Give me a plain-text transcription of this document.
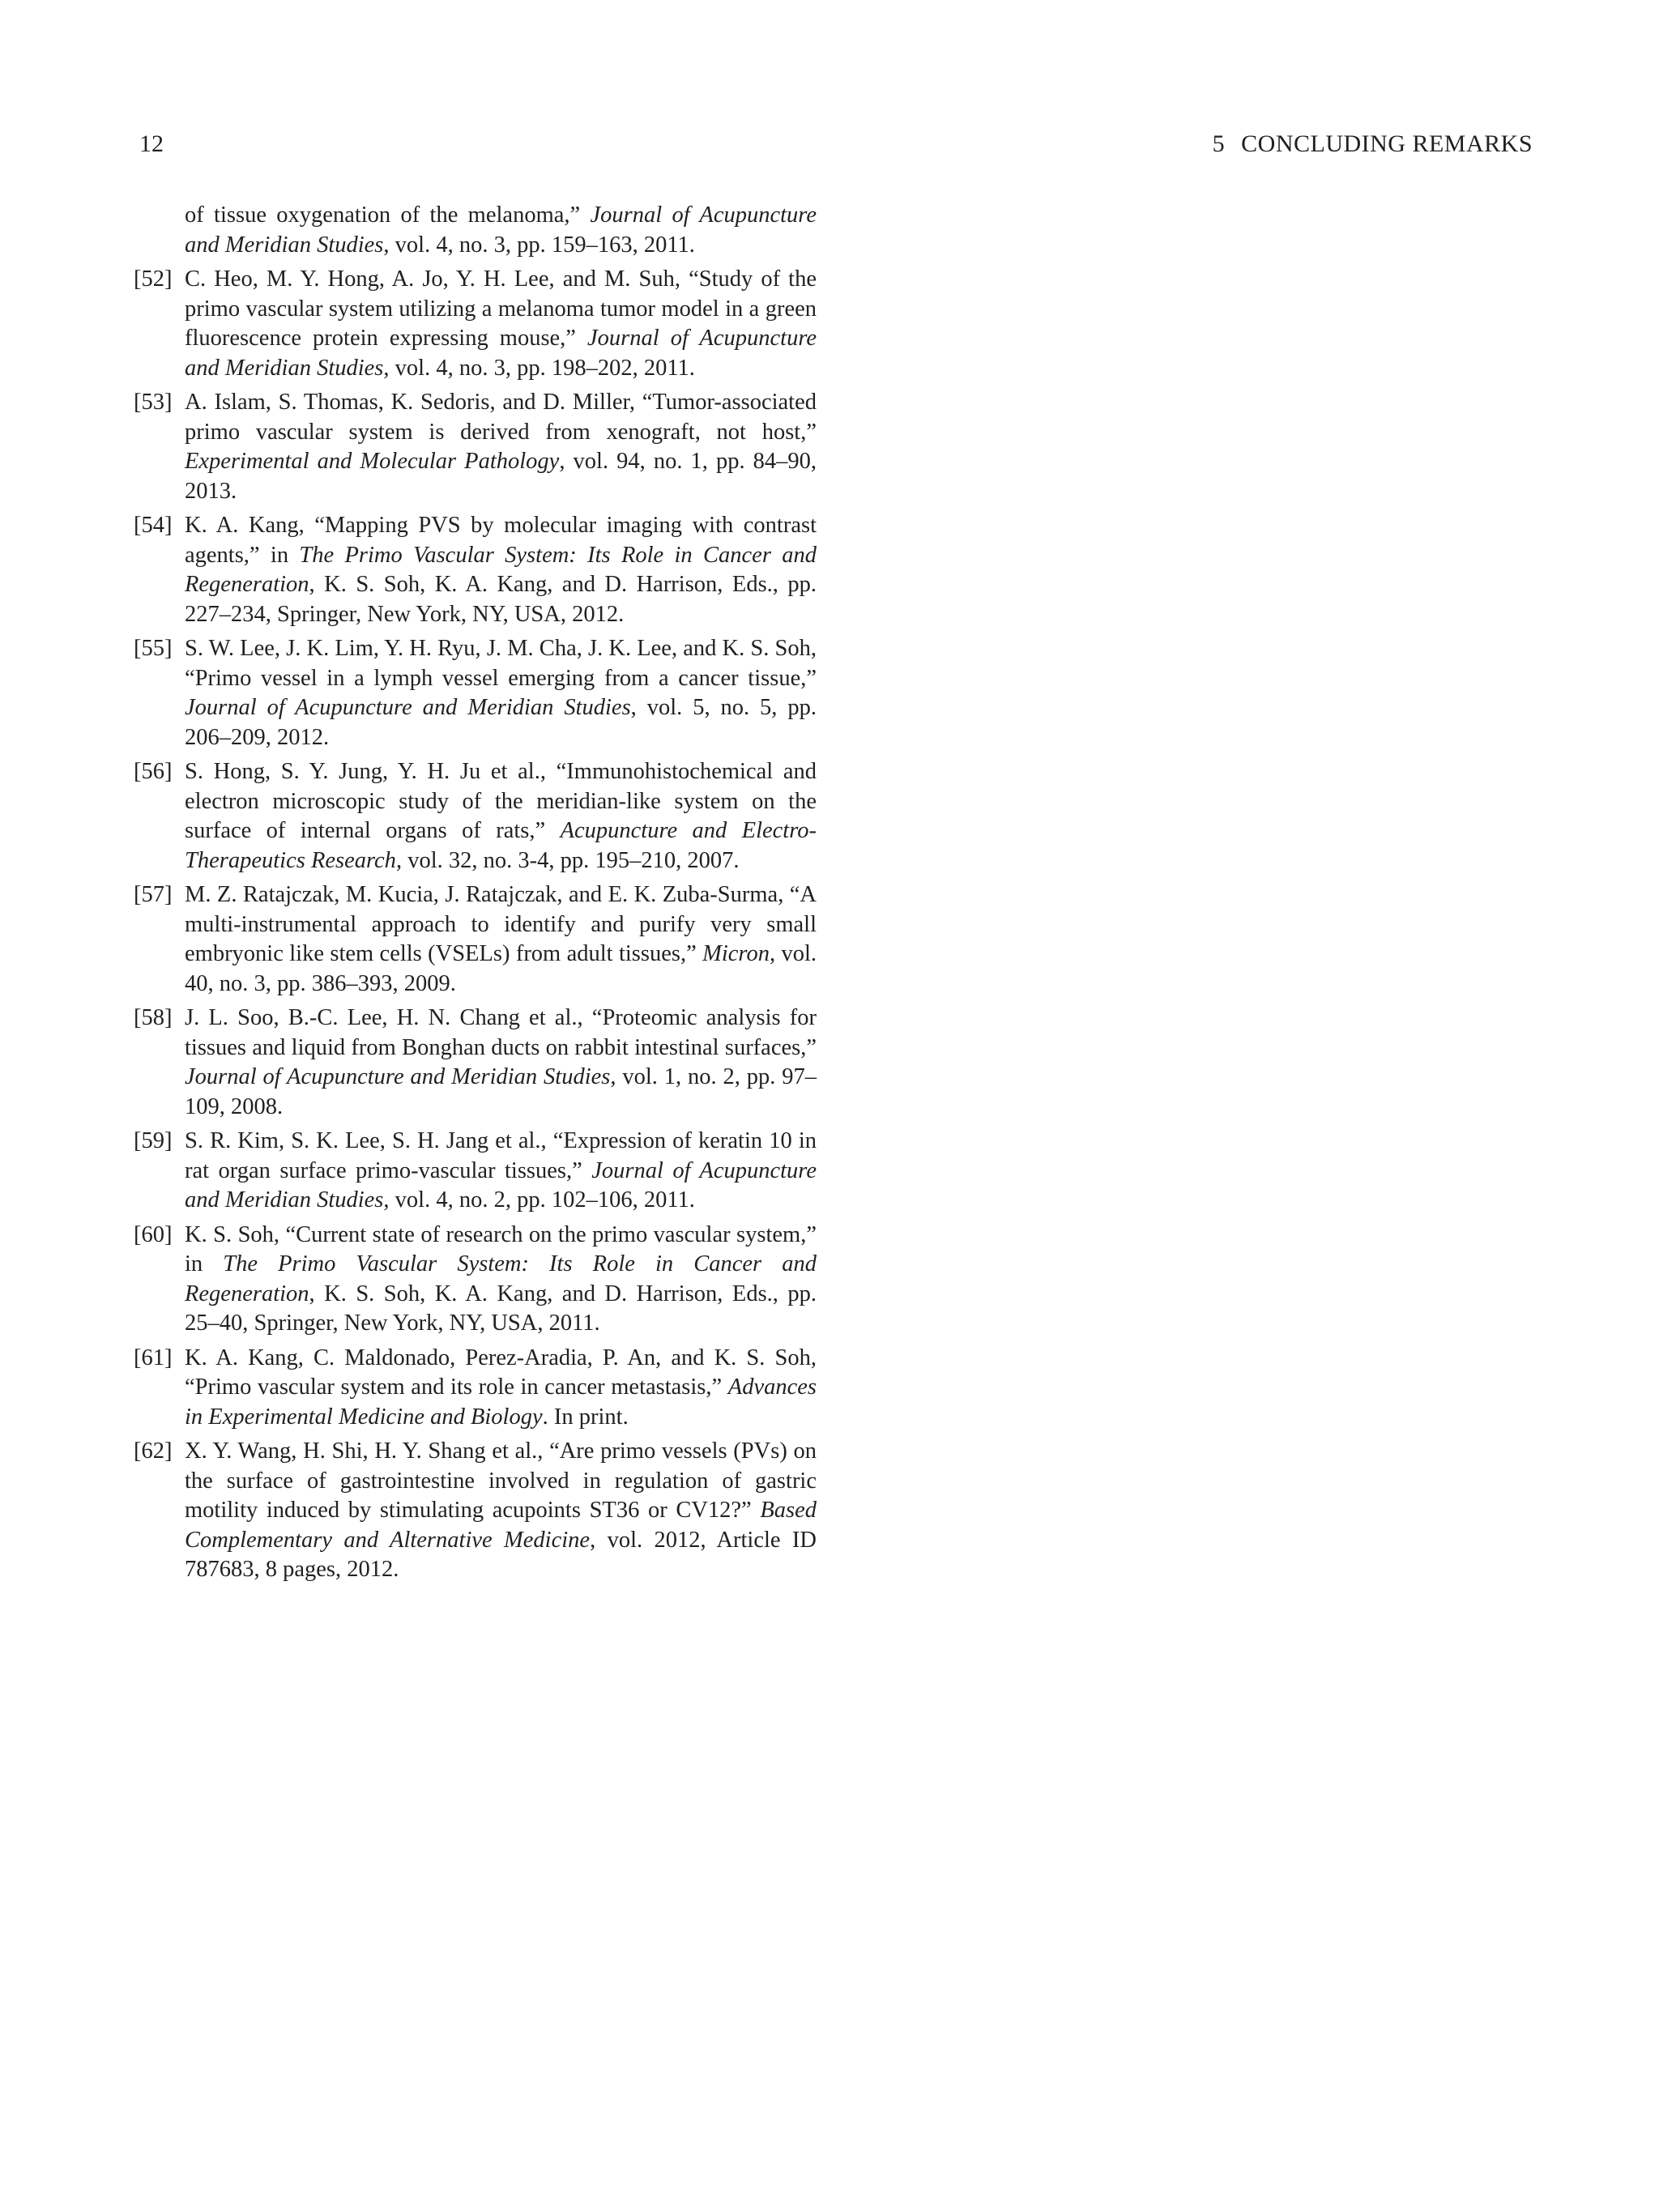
12	5 CONCLUDING REMARKS
of tissue oxygenation of the melanoma,” Journal of Acupuncture and Meridian Studies, vol. 4, no. 3, pp. 159–163, 2011.
[52] C. Heo, M. Y. Hong, A. Jo, Y. H. Lee, and M. Suh, “Study of the primo vascular system utilizing a melanoma tumor model in a green fluorescence protein expressing mouse,” Journal of Acupuncture and Meridian Studies, vol. 4, no. 3, pp. 198–202, 2011.
[53] A. Islam, S. Thomas, K. Sedoris, and D. Miller, “Tumor-associated primo vascular system is derived from xenograft, not host,” Experimental and Molecular Pathology, vol. 94, no. 1, pp. 84–90, 2013.
[54] K. A. Kang, “Mapping PVS by molecular imaging with contrast agents,” in The Primo Vascular System: Its Role in Cancer and Regeneration, K. S. Soh, K. A. Kang, and D. Harrison, Eds., pp. 227–234, Springer, New York, NY, USA, 2012.
[55] S. W. Lee, J. K. Lim, Y. H. Ryu, J. M. Cha, J. K. Lee, and K. S. Soh, “Primo vessel in a lymph vessel emerging from a cancer tissue,” Journal of Acupuncture and Meridian Studies, vol. 5, no. 5, pp. 206–209, 2012.
[56] S. Hong, S. Y. Jung, Y. H. Ju et al., “Immunohistochemical and electron microscopic study of the meridian-like system on the surface of internal organs of rats,” Acupuncture and Electro-Therapeutics Research, vol. 32, no. 3-4, pp. 195–210, 2007.
[57] M. Z. Ratajczak, M. Kucia, J. Ratajczak, and E. K. Zuba-Surma, “A multi-instrumental approach to identify and purify very small embryonic like stem cells (VSELs) from adult tissues,” Micron, vol. 40, no. 3, pp. 386–393, 2009.
[58] J. L. Soo, B.-C. Lee, H. N. Chang et al., “Proteomic analysis for tissues and liquid from Bonghan ducts on rabbit intestinal surfaces,” Journal of Acupuncture and Meridian Studies, vol. 1, no. 2, pp. 97–109, 2008.
[59] S. R. Kim, S. K. Lee, S. H. Jang et al., “Expression of keratin 10 in rat organ surface primo-vascular tissues,” Journal of Acupuncture and Meridian Studies, vol. 4, no. 2, pp. 102–106, 2011.
[60] K. S. Soh, “Current state of research on the primo vascular system,” in The Primo Vascular System: Its Role in Cancer and Regeneration, K. S. Soh, K. A. Kang, and D. Harrison, Eds., pp. 25–40, Springer, New York, NY, USA, 2011.
[61] K. A. Kang, C. Maldonado, Perez-Aradia, P. An, and K. S. Soh, “Primo vascular system and its role in cancer metastasis,” Advances in Experimental Medicine and Biology. In print.
[62] X. Y. Wang, H. Shi, H. Y. Shang et al., “Are primo vessels (PVs) on the surface of gastrointestine involved in regulation of gastric motility induced by stimulating acupoints ST36 or CV12?” Based Complementary and Alternative Medicine, vol. 2012, Article ID 787683, 8 pages, 2012.
